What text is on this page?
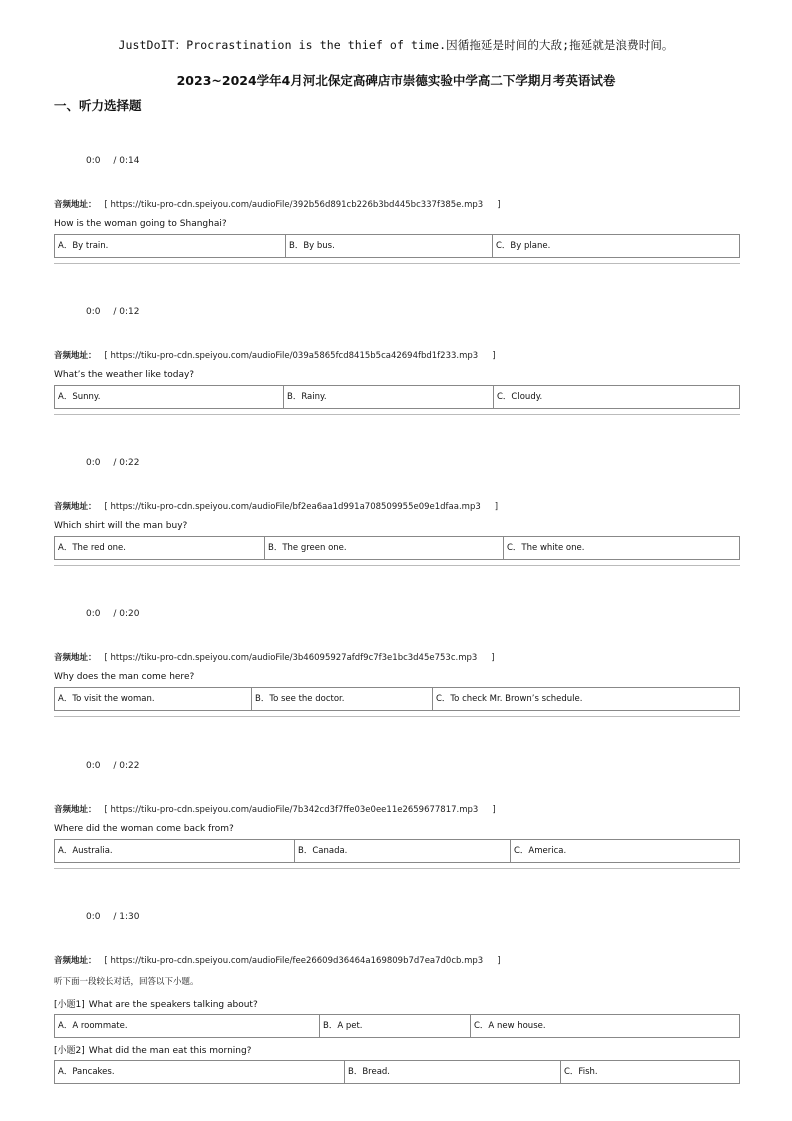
JustDoIT：Procrastination is the thief of time.因循拖延是时间的大敌;拖延就是浪费时间。
2023~2024学年4月河北保定高碑店市崇德实验中学高二下学期月考英语试卷
一、听力选择题
0:0 / 0:14
音频地址： [ https://tiku-pro-cdn.speiyou.com/audioFile/392b56d891cb226b3bd445bc337f385e.mp3 ]
How is the woman going to Shanghai?
A．By train.	B．By bus.	C．By plane.
0:0 / 0:12
音频地址： [ https://tiku-pro-cdn.speiyou.com/audioFile/039a5865fcd8415b5ca42694fbd1f233.mp3 ]
What’s the weather like today?
A．Sunny.	B．Rainy.	C．Cloudy.
0:0 / 0:22
音频地址： [ https://tiku-pro-cdn.speiyou.com/audioFile/bf2ea6aa1d991a708509955e09e1dfaa.mp3 ]
Which shirt will the man buy?
A．The red one.	B．The green one.	C．The white one.
0:0 / 0:20
音频地址： [ https://tiku-pro-cdn.speiyou.com/audioFile/3b46095927afdf9c7f3e1bc3d45e753c.mp3 ]
Why does the man come here?
A．To visit the woman.	B．To see the doctor.	C．To check Mr. Brown’s schedule.
0:0 / 0:22
音频地址： [ https://tiku-pro-cdn.speiyou.com/audioFile/7b342cd3f7ffe03e0ee11e2659677817.mp3 ]
Where did the woman come back from?
A．Australia.	B．Canada.	C．America.
0:0 / 1:30
音频地址： [ https://tiku-pro-cdn.speiyou.com/audioFile/fee26609d36464a169809b7d7ea7d0cb.mp3 ]
听下面一段较长对话，回答以下小题。
[小题1] What are the speakers talking about?
A．A roommate.	B．A pet.	C．A new house.
[小题2] What did the man eat this morning?
A．Pancakes.	B．Bread.	C．Fish.
